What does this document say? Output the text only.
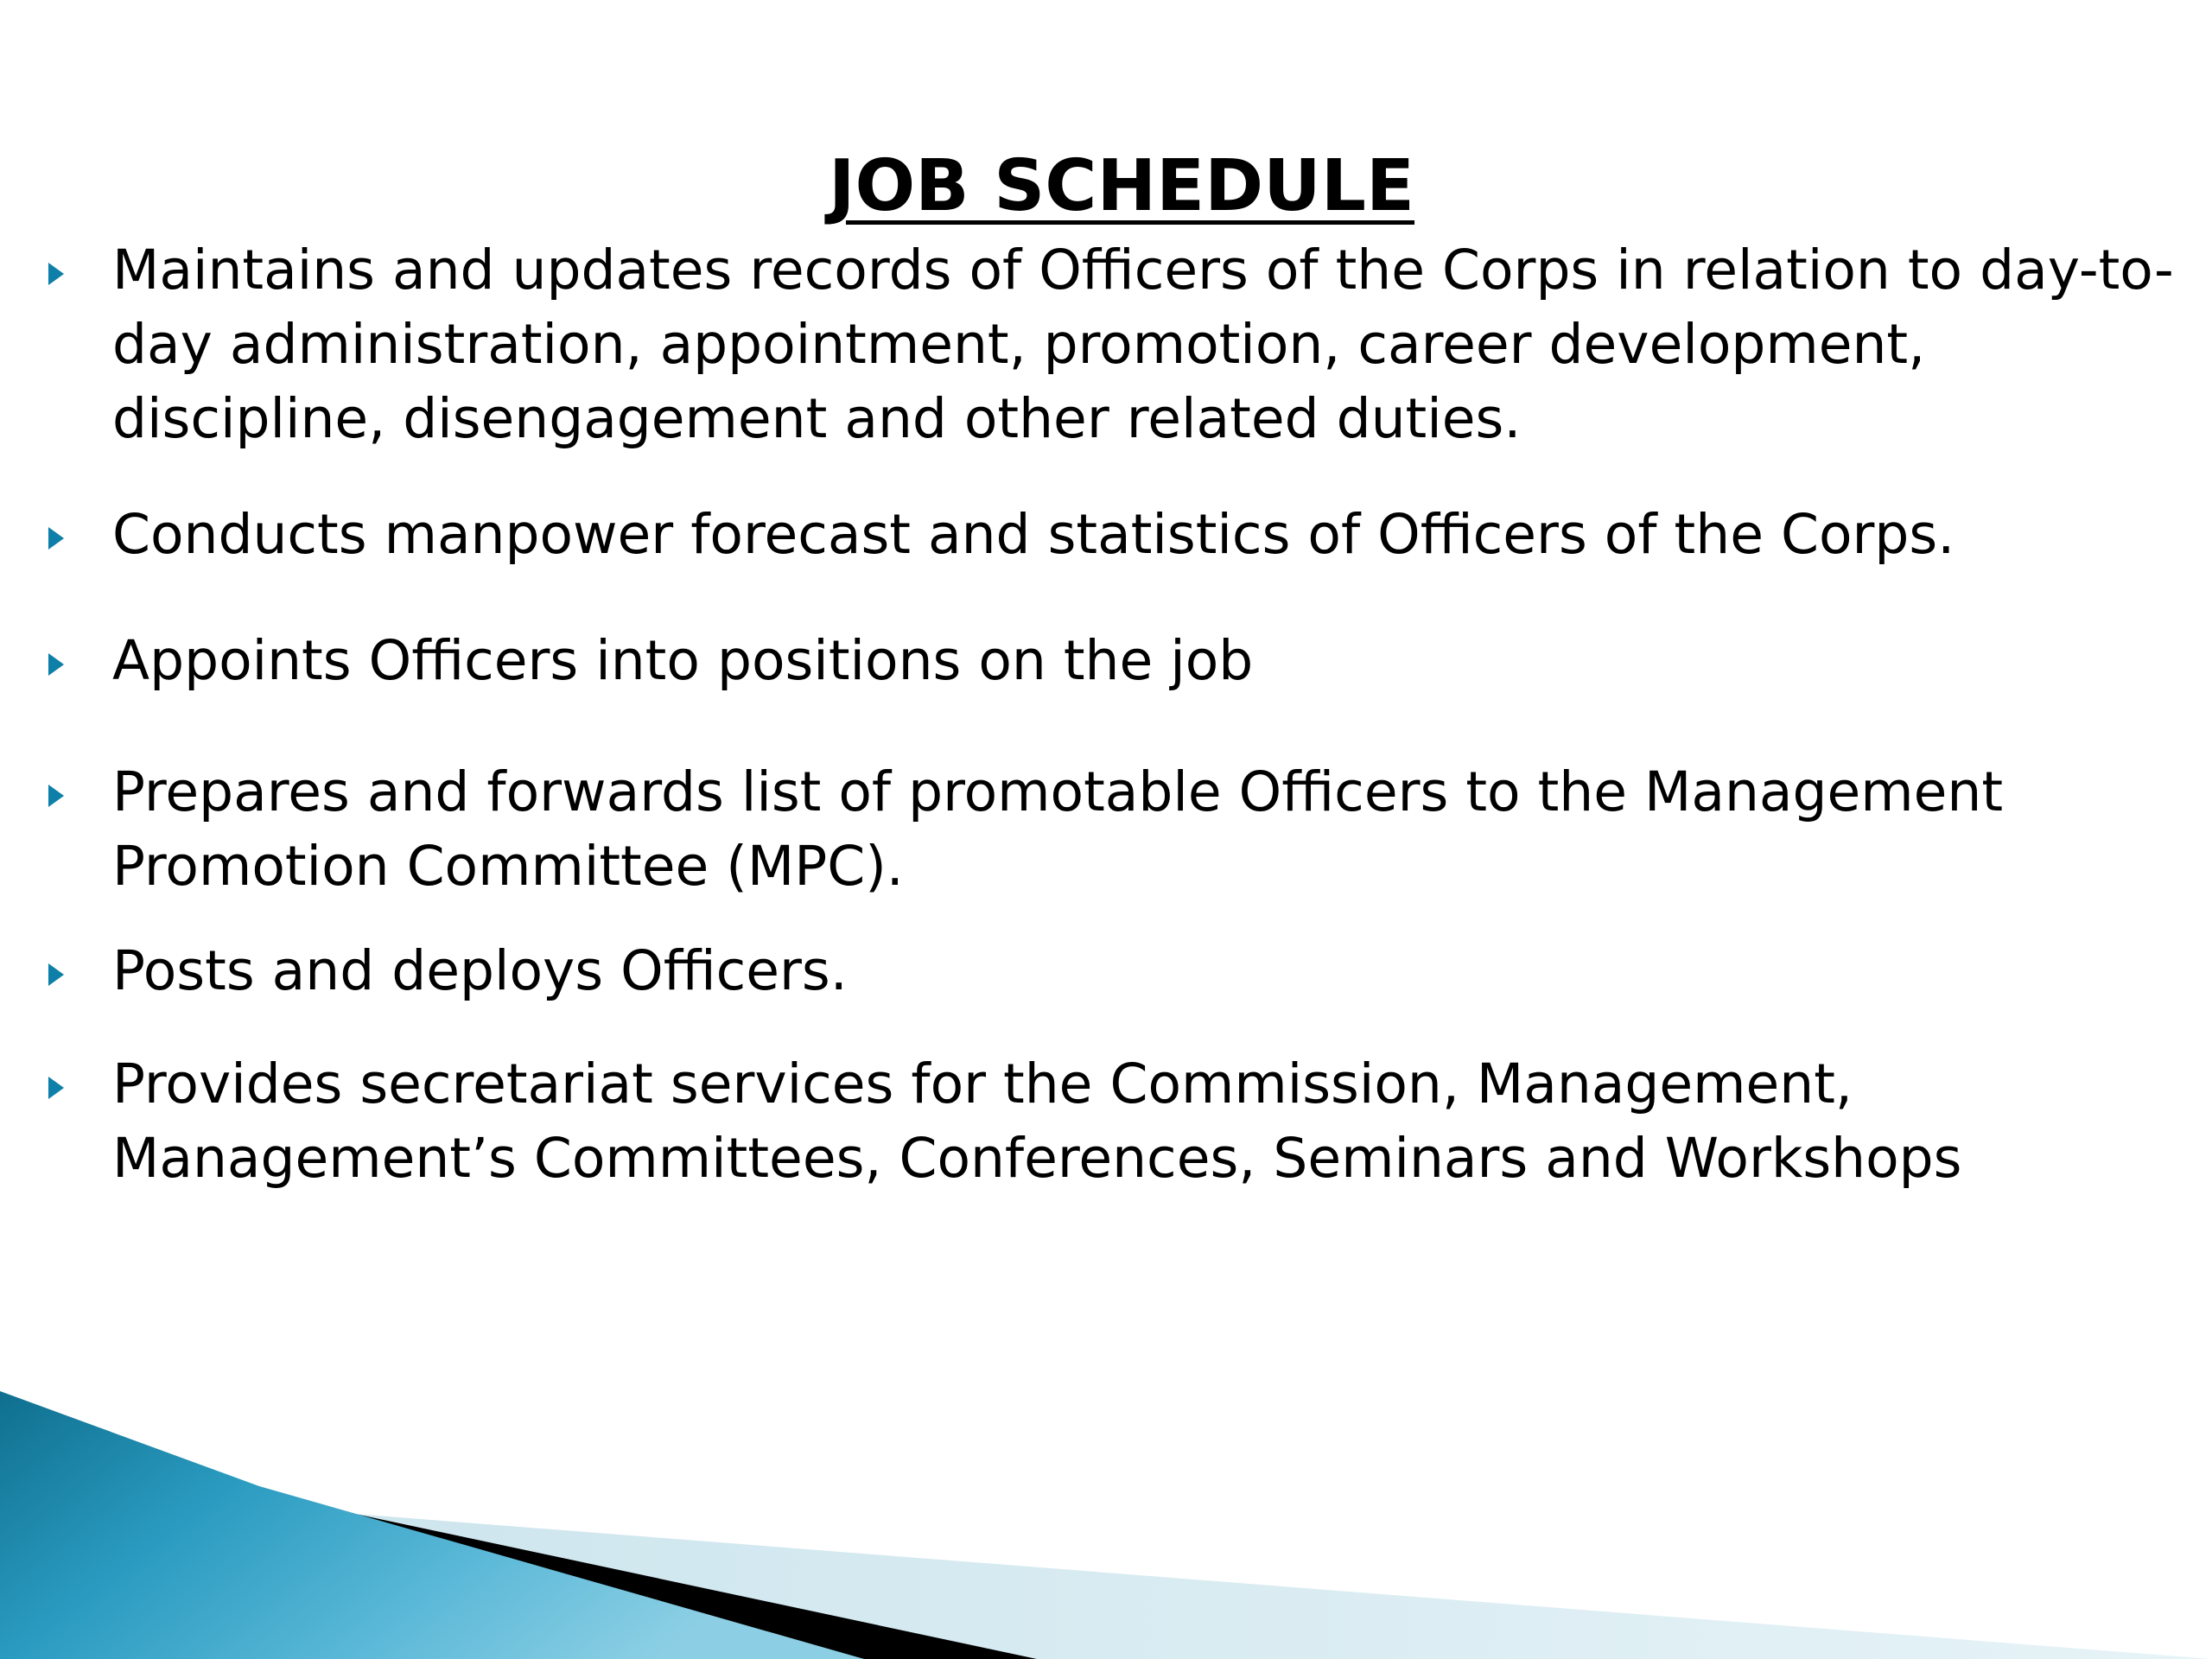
JOB SCHEDULE
Maintains and updates records of Officers of the Corps in relation to day-to-day administration, appointment, promotion, career development, discipline, disengagement and other related duties.
Conducts manpower forecast and statistics of Officers of the Corps.
Appoints Officers into positions on the job
Prepares and forwards list of promotable Officers to the Management Promotion Committee (MPC).
Posts and deploys Officers.
Provides secretariat services for the Commission, Management, Management’s Committees, Conferences, Seminars and Workshops
